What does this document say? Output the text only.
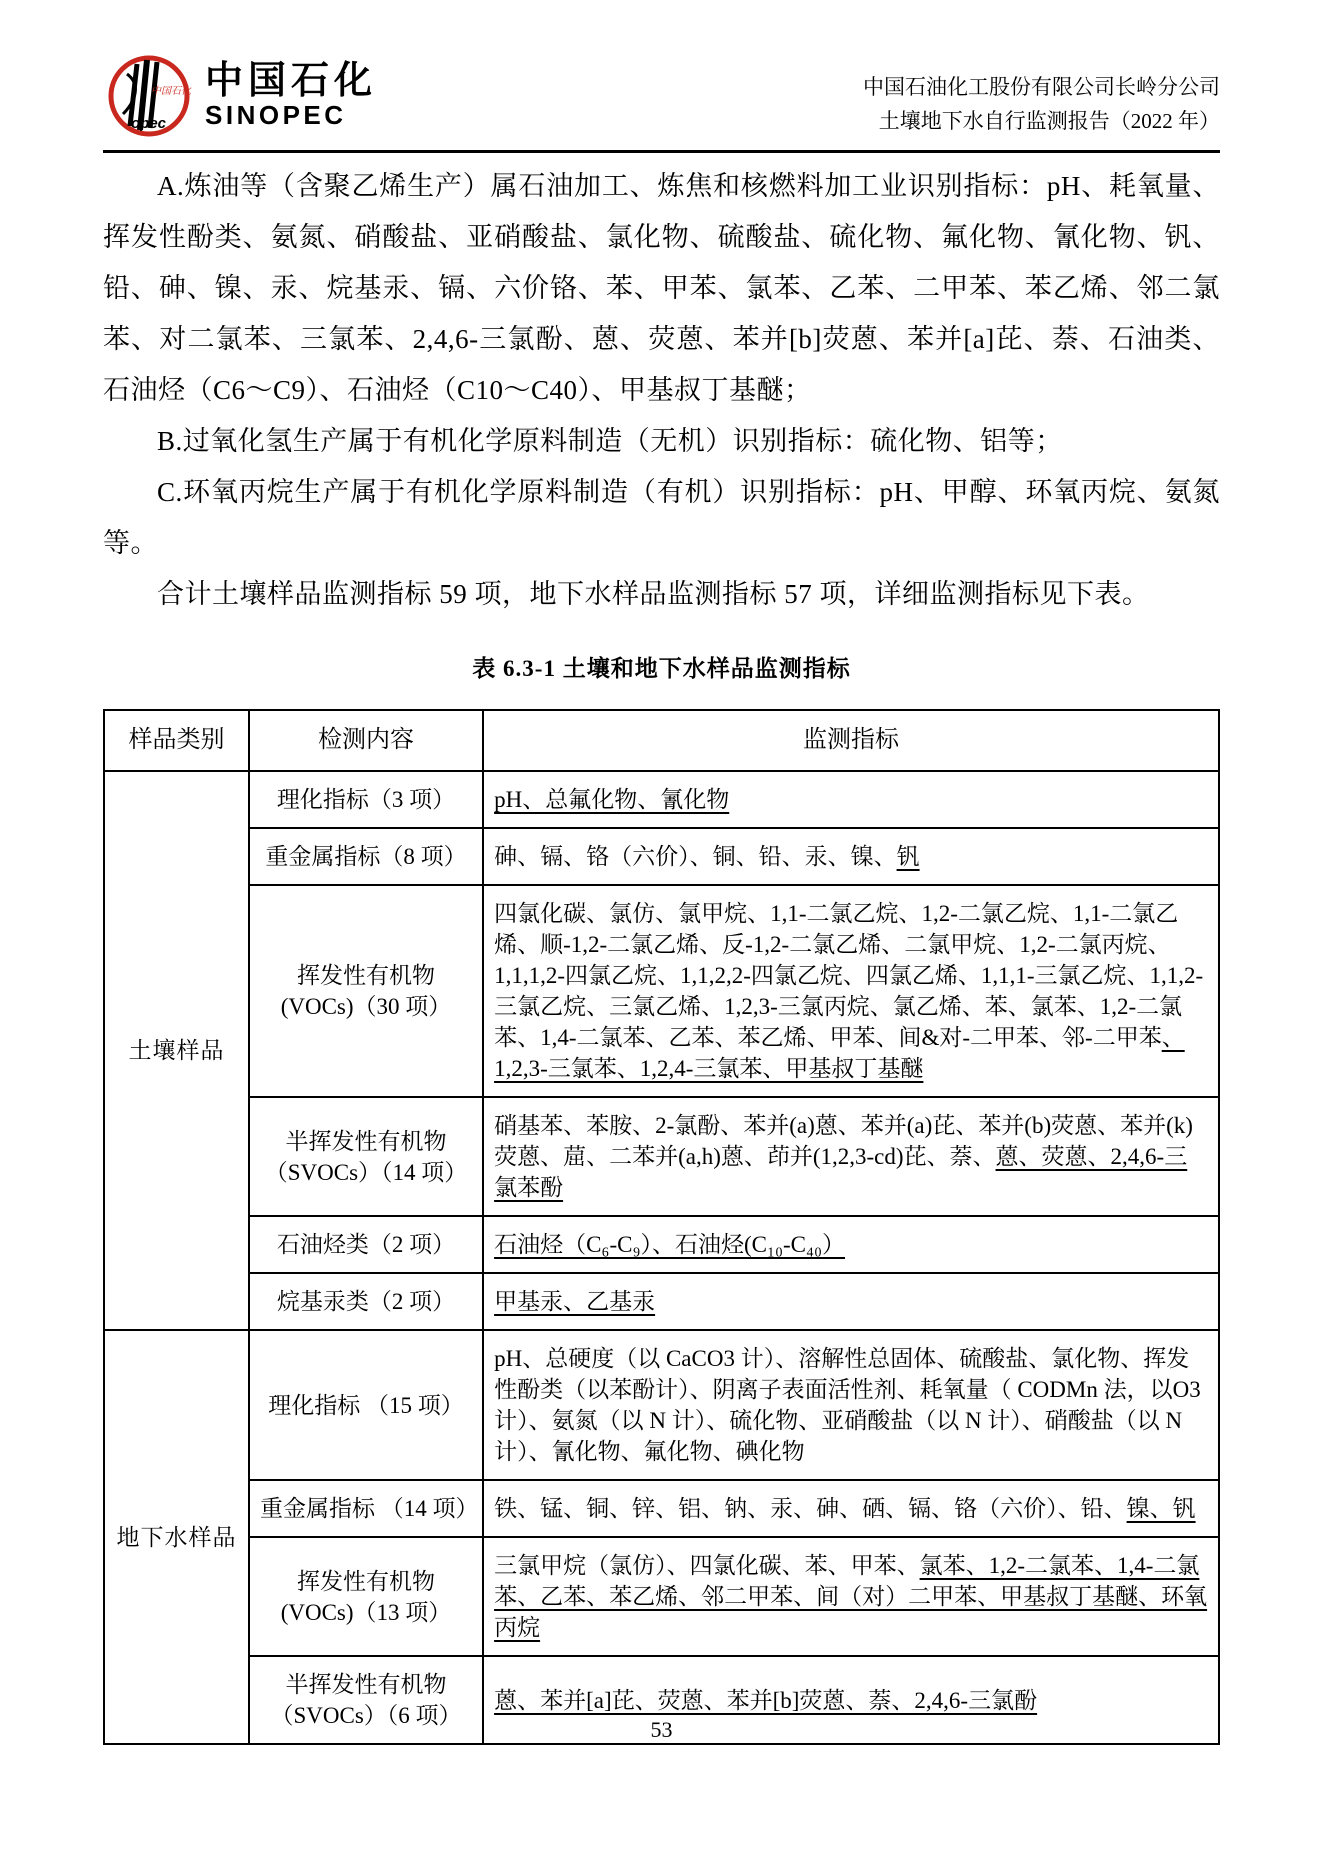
中国石化
opec
中国石化
SINOPEC
中国石油化工股份有限公司长岭分公司
土壤地下水自行监测报告（2022 年）

A.炼油等（含聚乙烯生产）属石油加工、炼焦和核燃料加工业识别指标：pH、耗氧量、挥发性酚类、氨氮、硝酸盐、亚硝酸盐、氯化物、硫酸盐、硫化物、氟化物、氰化物、钒、铅、砷、镍、汞、烷基汞、镉、六价铬、苯、甲苯、氯苯、乙苯、二甲苯、苯乙烯、邻二氯苯、对二氯苯、三氯苯、2,4,6-三氯酚、蒽、荧蒽、苯并[b]荧蒽、苯并[a]芘、萘、石油类、石油烃（C6～C9）、石油烃（C10～C40）、甲基叔丁基醚；

B.过氧化氢生产属于有机化学原料制造（无机）识别指标：硫化物、铝等；

C.环氧丙烷生产属于有机化学原料制造（有机）识别指标：pH、甲醇、环氧丙烷、氨氮等。

合计土壤样品监测指标 59 项，地下水样品监测指标 57 项，详细监测指标见下表。

表 6.3-1 土壤和地下水样品监测指标
样品类别	检测内容	监测指标
土壤样品	理化指标（3 项）	pH、总氟化物、氰化物
	重金属指标（8 项）	砷、镉、铬（六价）、铜、铅、汞、镍、钒
	挥发性有机物 (VOCs)（30 项）	四氯化碳、氯仿、氯甲烷、1,1-二氯乙烷、1,2-二氯乙烷、1,1-二氯乙烯、顺-1,2-二氯乙烯、反-1,2-二氯乙烯、二氯甲烷、1,2-二氯丙烷、1,1,1,2-四氯乙烷、1,1,2,2-四氯乙烷、四氯乙烯、1,1,1-三氯乙烷、1,1,2-三氯乙烷、三氯乙烯、1,2,3-三氯丙烷、氯乙烯、苯、氯苯、1,2-二氯苯、1,4-二氯苯、乙苯、苯乙烯、甲苯、间&对-二甲苯、邻-二甲苯、1,2,3-三氯苯、1,2,4-三氯苯、甲基叔丁基醚
	半挥发性有机物 （SVOCs）（14 项）	硝基苯、苯胺、2-氯酚、苯并(a)蒽、苯并(a)芘、苯并(b)荧蒽、苯并(k)荧蒽、䓛、二苯并(a,h)蒽、茚并(1,2,3-cd)芘、萘、蒽、荧蒽、2,4,6-三氯苯酚
	石油烃类（2 项）	石油烃（C₆-C₉）、石油烃(C₁₀-C₄₀）
	烷基汞类（2 项）	甲基汞、乙基汞
地下水样品	理化指标 （15 项）	pH、总硬度（以 CaCO3 计）、溶解性总固体、硫酸盐、氯化物、挥发性酚类（以苯酚计）、阴离子表面活性剂、耗氧量（ CODMn 法，以O3 计）、氨氮（以 N 计）、硫化物、亚硝酸盐（以 N 计）、硝酸盐（以 N 计）、氰化物、氟化物、碘化物
	重金属指标 （14 项）	铁、锰、铜、锌、铝、钠、汞、砷、硒、镉、铬（六价）、铅、镍、钒
	挥发性有机物 (VOCs)（13 项）	三氯甲烷（氯仿）、四氯化碳、苯、甲苯、氯苯、1,2-二氯苯、1,4-二氯苯、乙苯、苯乙烯、邻二甲苯、间（对）二甲苯、甲基叔丁基醚、环氧丙烷
	半挥发性有机物 （SVOCs）（6 项）	蒽、苯并[a]芘、荧蒽、苯并[b]荧蒽、萘、2,4,6-三氯酚
53
